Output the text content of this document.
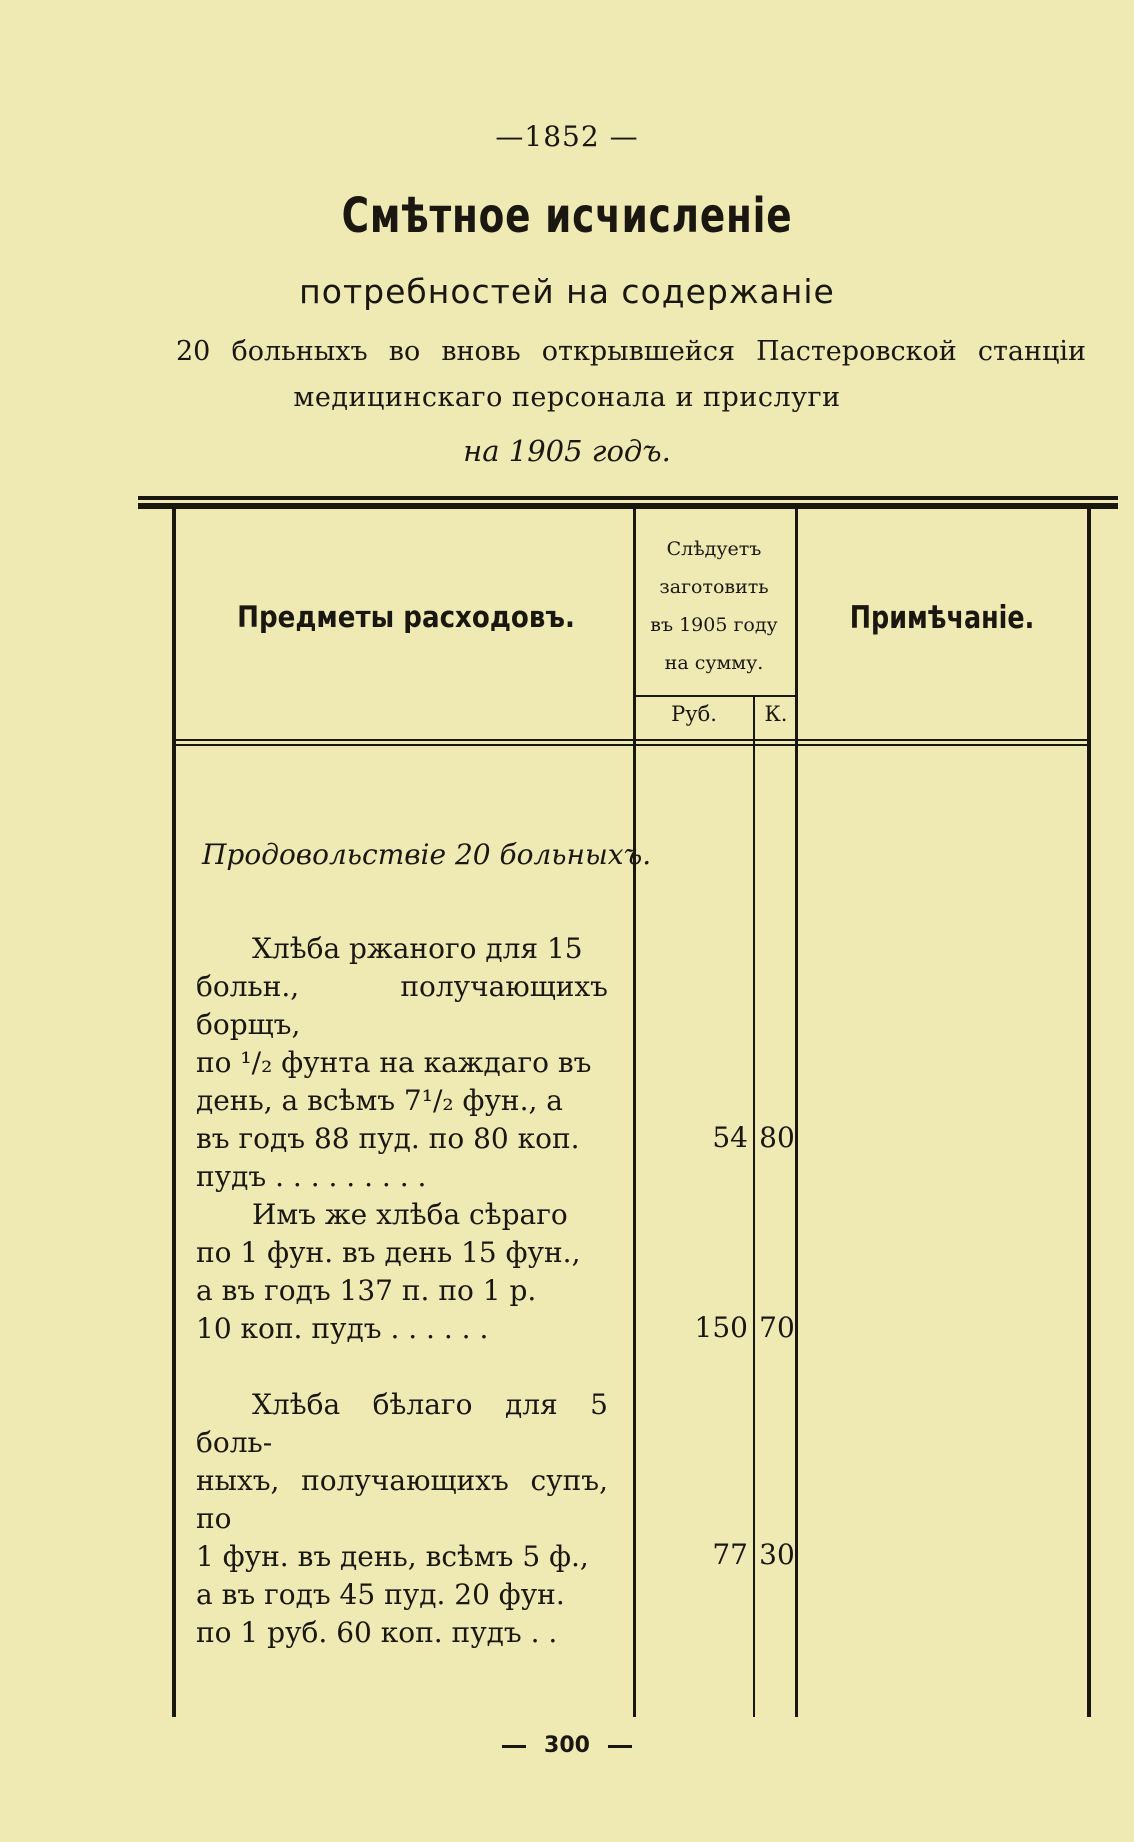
—1852 —
Смѣтное исчисленіе
потребностей на содержаніе
20 больныхъ во вновь открывшейся Пастеровской станціи
медицинскаго персонала и прислуги
на 1905 годъ.
Предметы расходовъ.
Слѣдуетъ
заготовить
въ 1905 году
на сумму.
Руб.	К.
Примѣчаніе.
Продовольствіе 20 больныхъ.

Хлѣба ржаного для 15

больн., получающихъ борщъ,

по ¹/₂ фунта на каждаго въ

день, а всѣмъ 7¹/₂ фун., а

въ годъ 88 пуд. по 80 коп.

пудъ . . . . . . . . .

54 80

Имъ же хлѣба сѣраго

по 1 фун. въ день 15 фун.,

а въ годъ 137 п. по 1 р.

10 коп. пудъ . . . . . .	150 70

Хлѣба бѣлаго для 5 боль-

ныхъ, получающихъ супъ, по

1 фун. въ день, всѣмъ 5 ф.,

а въ годъ 45 пуд. 20 фун.

по 1 руб. 60 коп. пудъ . .

77 30
300
